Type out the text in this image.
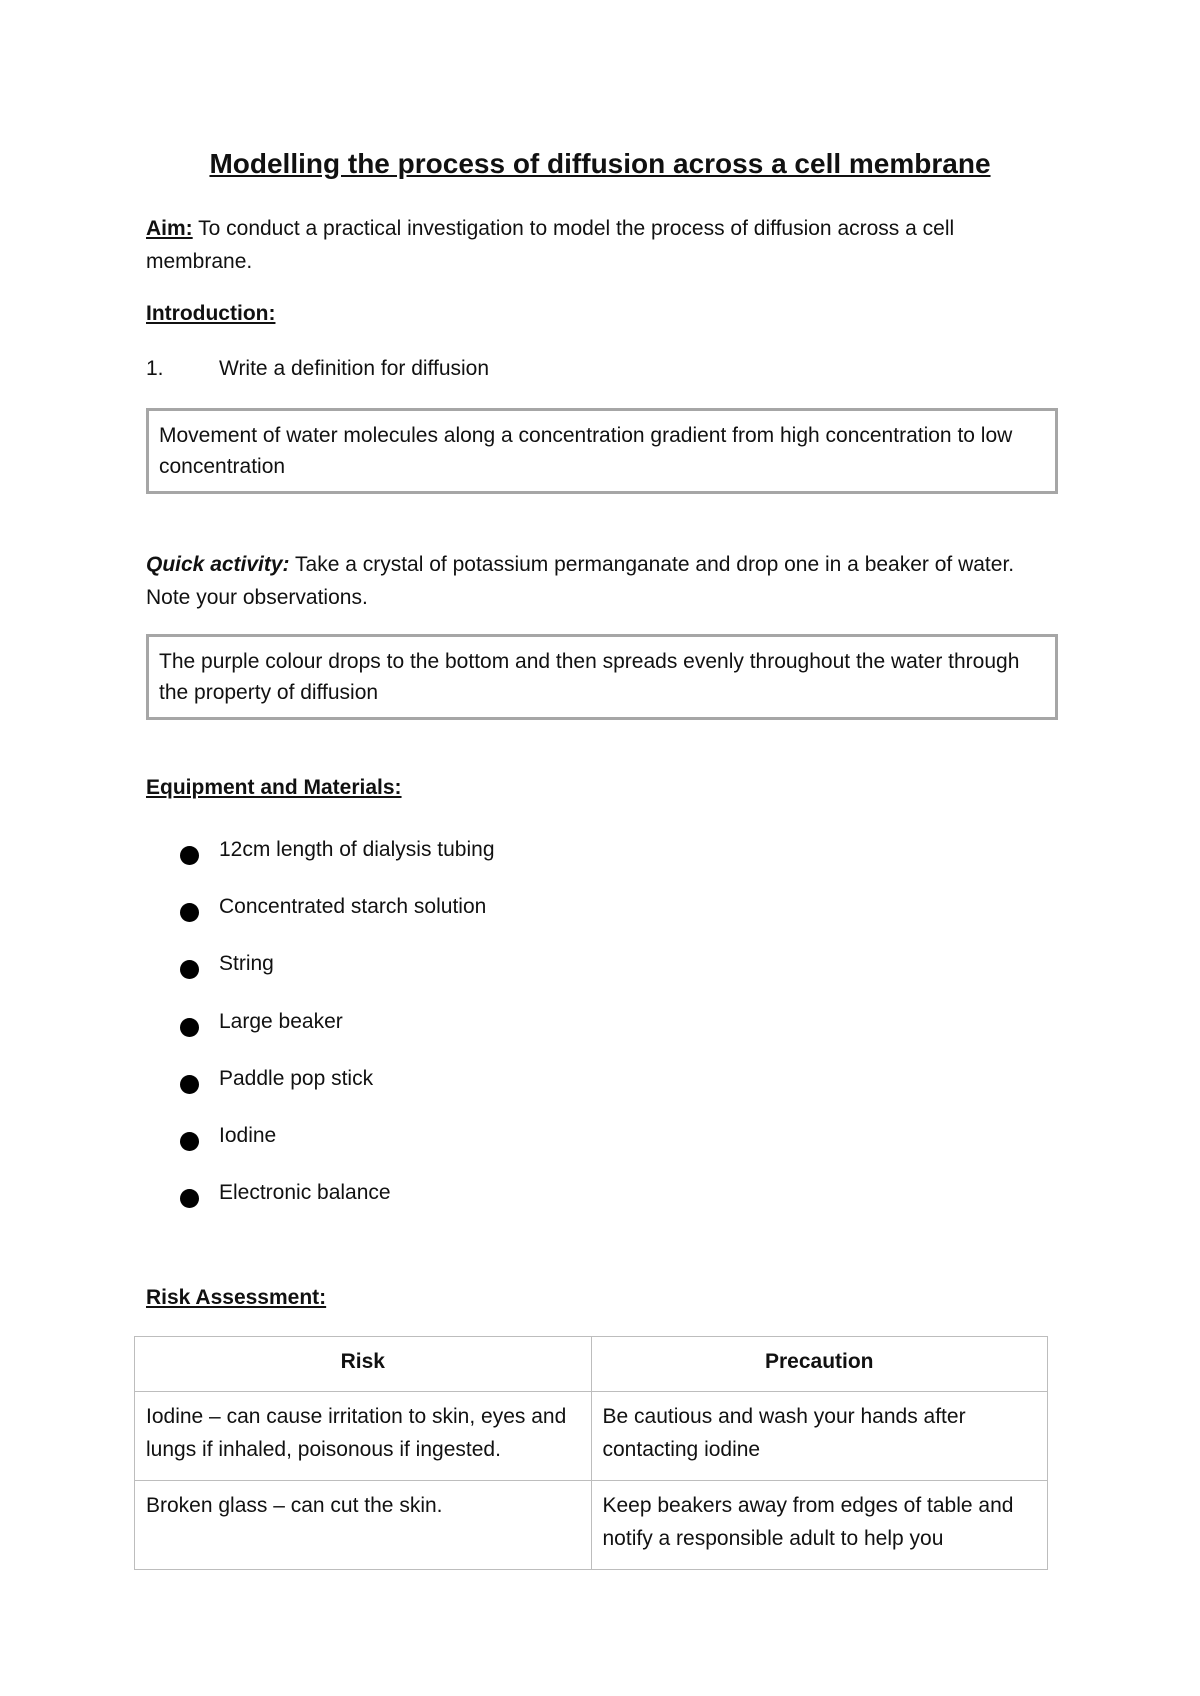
Modelling the process of diffusion across a cell membrane
Aim: To conduct a practical investigation to model the process of diffusion across a cell membrane.
Introduction:
1.	Write a definition for diffusion
Movement of water molecules along a concentration gradient from high concentration to low concentration
Quick activity: Take a crystal of potassium permanganate and drop one in a beaker of water. Note your observations.
The purple colour drops to the bottom and then spreads evenly throughout the water through the property of diffusion
Equipment and Materials:
12cm length of dialysis tubing
Concentrated starch solution
String
Large beaker
Paddle pop stick
Iodine
Electronic balance
Risk Assessment:
Risk	Precaution
Iodine – can cause irritation to skin, eyes and lungs if inhaled, poisonous if ingested.	Be cautious and wash your hands after contacting iodine
Broken glass – can cut the skin.	Keep beakers away from edges of table and notify a responsible adult to help you
